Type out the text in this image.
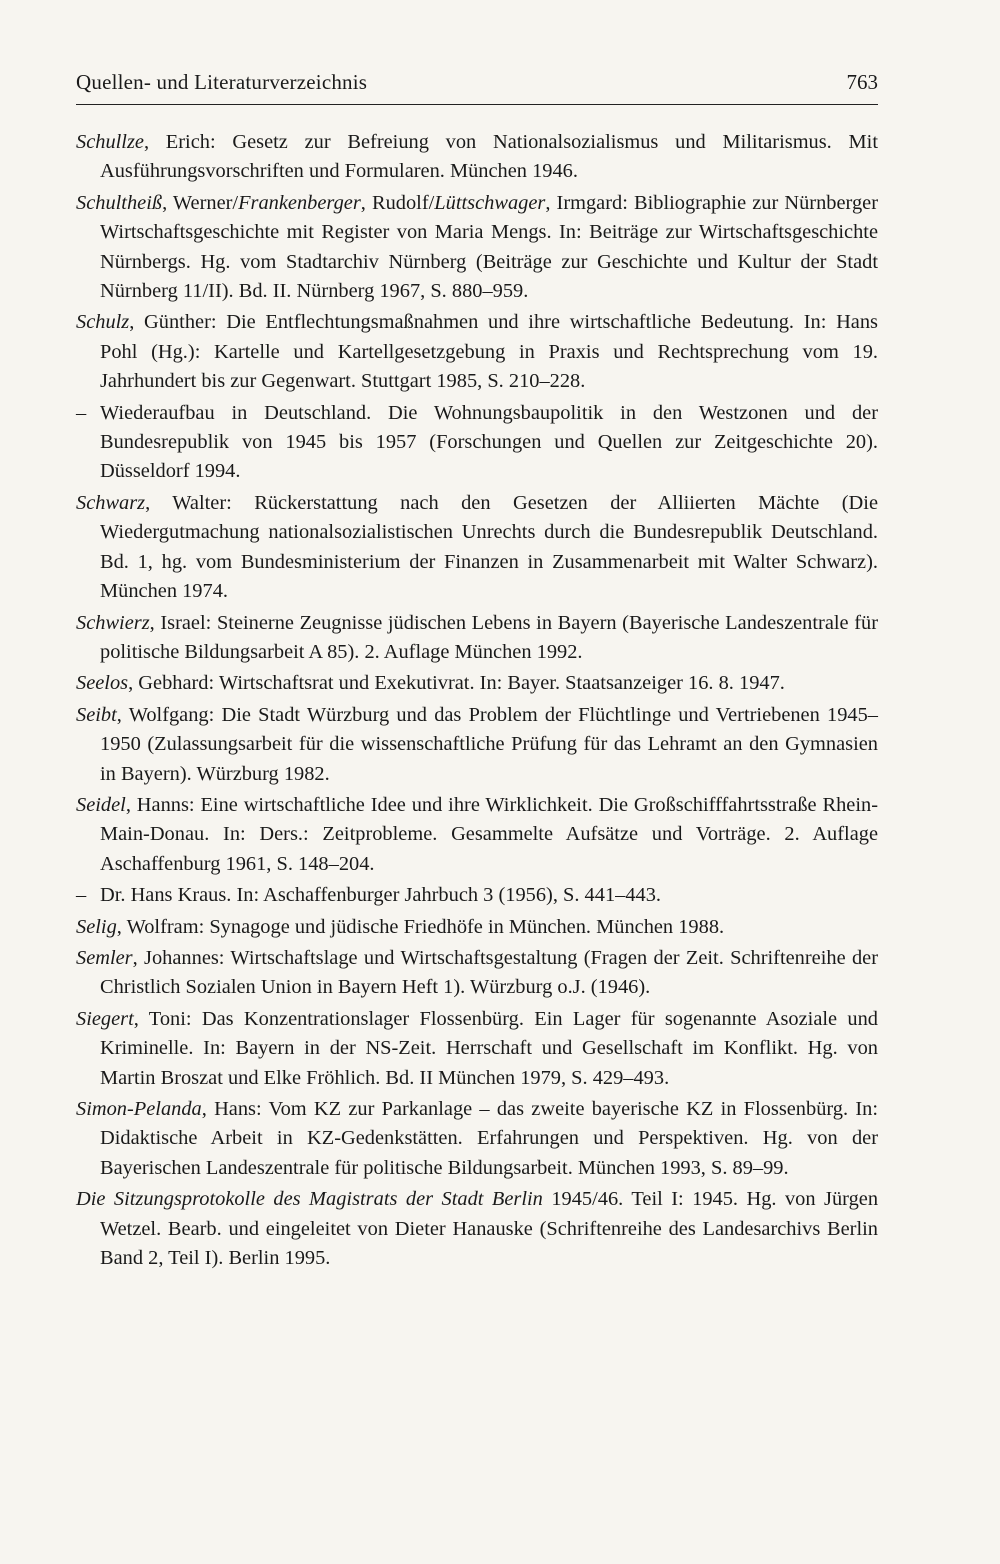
Quellen- und Literaturverzeichnis	763
Schullze, Erich: Gesetz zur Befreiung von Nationalsozialismus und Militarismus. Mit Ausführungsvorschriften und Formularen. München 1946.
Schultheiß, Werner/Frankenberger, Rudolf/Lüttschwager, Irmgard: Bibliographie zur Nürnberger Wirtschaftsgeschichte mit Register von Maria Mengs. In: Beiträge zur Wirtschaftsgeschichte Nürnbergs. Hg. vom Stadtarchiv Nürnberg (Beiträge zur Geschichte und Kultur der Stadt Nürnberg 11/II). Bd. II. Nürnberg 1967, S. 880–959.
Schulz, Günther: Die Entflechtungsmaßnahmen und ihre wirtschaftliche Bedeutung. In: Hans Pohl (Hg.): Kartelle und Kartellgesetzgebung in Praxis und Rechtsprechung vom 19. Jahrhundert bis zur Gegenwart. Stuttgart 1985, S. 210–228.
– Wiederaufbau in Deutschland. Die Wohnungsbaupolitik in den Westzonen und der Bundesrepublik von 1945 bis 1957 (Forschungen und Quellen zur Zeitgeschichte 20). Düsseldorf 1994.
Schwarz, Walter: Rückerstattung nach den Gesetzen der Alliierten Mächte (Die Wiedergutmachung nationalsozialistischen Unrechts durch die Bundesrepublik Deutschland. Bd. 1, hg. vom Bundesministerium der Finanzen in Zusammenarbeit mit Walter Schwarz). München 1974.
Schwierz, Israel: Steinerne Zeugnisse jüdischen Lebens in Bayern (Bayerische Landeszentrale für politische Bildungsarbeit A 85). 2. Auflage München 1992.
Seelos, Gebhard: Wirtschaftsrat und Exekutivrat. In: Bayer. Staatsanzeiger 16. 8. 1947.
Seibt, Wolfgang: Die Stadt Würzburg und das Problem der Flüchtlinge und Vertriebenen 1945–1950 (Zulassungsarbeit für die wissenschaftliche Prüfung für das Lehramt an den Gymnasien in Bayern). Würzburg 1982.
Seidel, Hanns: Eine wirtschaftliche Idee und ihre Wirklichkeit. Die Großschifffahrtsstraße Rhein-Main-Donau. In: Ders.: Zeitprobleme. Gesammelte Aufsätze und Vorträge. 2. Auflage Aschaffenburg 1961, S. 148–204.
– Dr. Hans Kraus. In: Aschaffenburger Jahrbuch 3 (1956), S. 441–443.
Selig, Wolfram: Synagoge und jüdische Friedhöfe in München. München 1988.
Semler, Johannes: Wirtschaftslage und Wirtschaftsgestaltung (Fragen der Zeit. Schriftenreihe der Christlich Sozialen Union in Bayern Heft 1). Würzburg o.J. (1946).
Siegert, Toni: Das Konzentrationslager Flossenbürg. Ein Lager für sogenannte Asoziale und Kriminelle. In: Bayern in der NS-Zeit. Herrschaft und Gesellschaft im Konflikt. Hg. von Martin Broszat und Elke Fröhlich. Bd. II München 1979, S. 429–493.
Simon-Pelanda, Hans: Vom KZ zur Parkanlage – das zweite bayerische KZ in Flossenbürg. In: Didaktische Arbeit in KZ-Gedenkstätten. Erfahrungen und Perspektiven. Hg. von der Bayerischen Landeszentrale für politische Bildungsarbeit. München 1993, S. 89–99.
Die Sitzungsprotokolle des Magistrats der Stadt Berlin 1945/46. Teil I: 1945. Hg. von Jürgen Wetzel. Bearb. und eingeleitet von Dieter Hanauske (Schriftenreihe des Landesarchivs Berlin Band 2, Teil I). Berlin 1995.
